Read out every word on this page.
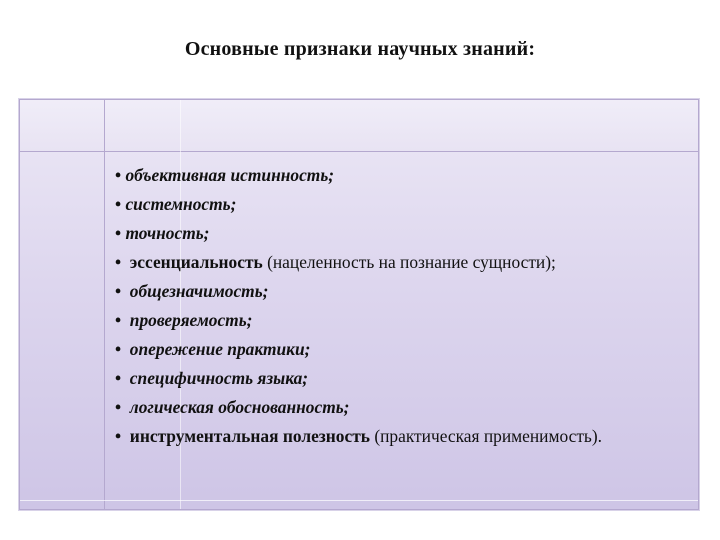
Основные признаки научных знаний:
• объективная истинность;
• системность;
• точность;
• эссенциальность (нацеленность на познание сущности);
• общезначимость;
• проверяемость;
• опережение практики;
• специфичность языка;
• логическая обоснованность;
• инструментальная полезность (практическая применимость).
